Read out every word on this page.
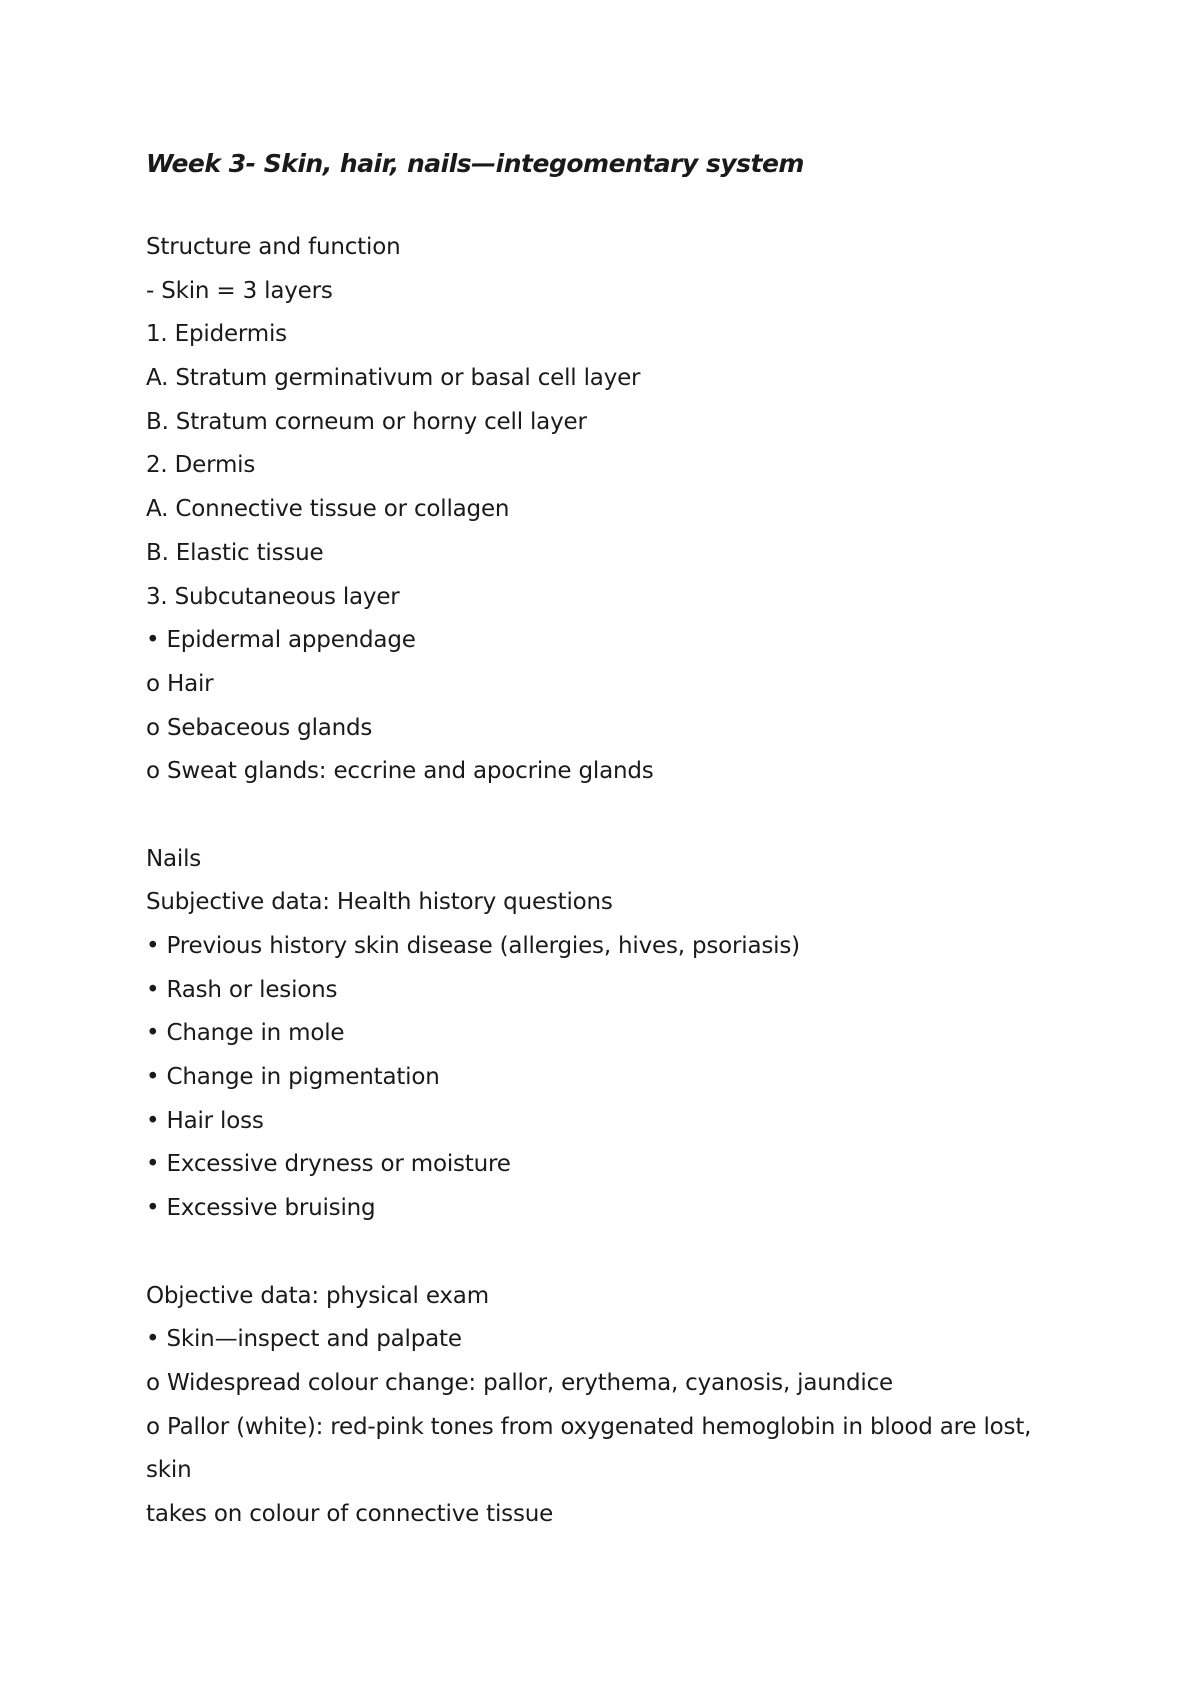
Week 3- Skin, hair, nails—integomentary system
Structure and function
- Skin = 3 layers
1. Epidermis
A. Stratum germinativum or basal cell layer
B. Stratum corneum or horny cell layer
2. Dermis
A. Connective tissue or collagen
B. Elastic tissue
3. Subcutaneous layer
• Epidermal appendage
o Hair
o Sebaceous glands
o Sweat glands: eccrine and apocrine glands
Nails
Subjective data: Health history questions
• Previous history skin disease (allergies, hives, psoriasis)
• Rash or lesions
• Change in mole
• Change in pigmentation
• Hair loss
• Excessive dryness or moisture
• Excessive bruising
Objective data: physical exam
• Skin—inspect and palpate
o Widespread colour change: pallor, erythema, cyanosis, jaundice
o Pallor (white): red-pink tones from oxygenated hemoglobin in blood are lost,
skin
takes on colour of connective tissue
